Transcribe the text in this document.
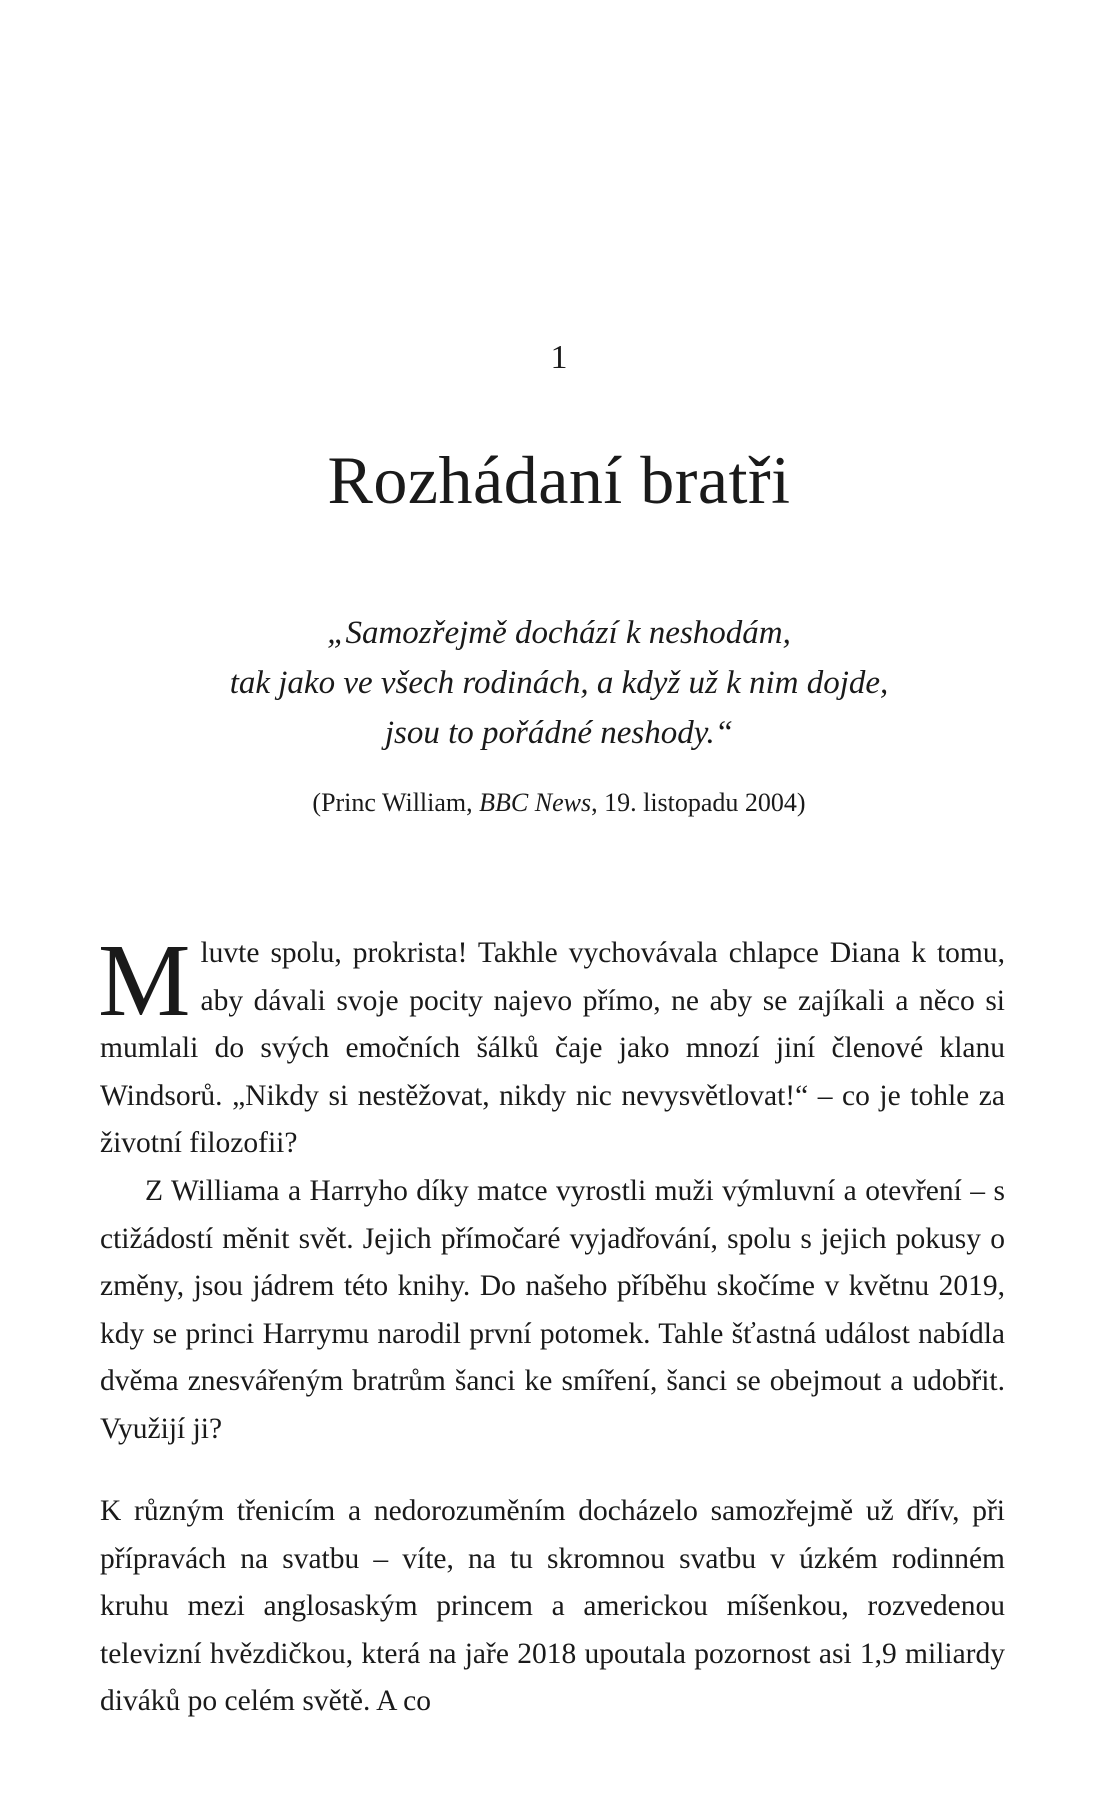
1
Rozhádaní bratři
„Samozřejmě dochází k neshodám,
tak jako ve všech rodinách, a když už k nim dojde,
jsou to pořádné neshody.“
(Princ William, BBC News, 19. listopadu 2004)

Mluvte spolu, prokrista! Takhle vychovávala chlapce Diana k tomu, aby dávali svoje pocity najevo přímo, ne aby se zajíkali a něco si mumlali do svých emočních šálků čaje jako mnozí jiní členové klanu Windsorů. „Nikdy si nestěžovat, nikdy nic nevysvětlovat!“ – co je tohle za životní filozofii?

Z Williama a Harryho díky matce vyrostli muži výmluvní a otevření – s ctižádostí měnit svět. Jejich přímočaré vyjadřování, spolu s jejich pokusy o změny, jsou jádrem této knihy. Do našeho příběhu skočíme v květnu 2019, kdy se princi Harrymu narodil první potomek. Tahle šťastná událost nabídla dvěma znesvářeným bratrům šanci ke smíření, šanci se obejmout a udobřit. Využijí ji?

K různým třenicím a nedorozuměním docházelo samozřejmě už dřív, při přípravách na svatbu – víte, na tu skromnou svatbu v úzkém rodinném kruhu mezi anglosaským princem a americkou míšenkou, rozvedenou televizní hvězdičkou, která na jaře 2018 upoutala pozornost asi 1,9 miliardy diváků po celém světě. A co
